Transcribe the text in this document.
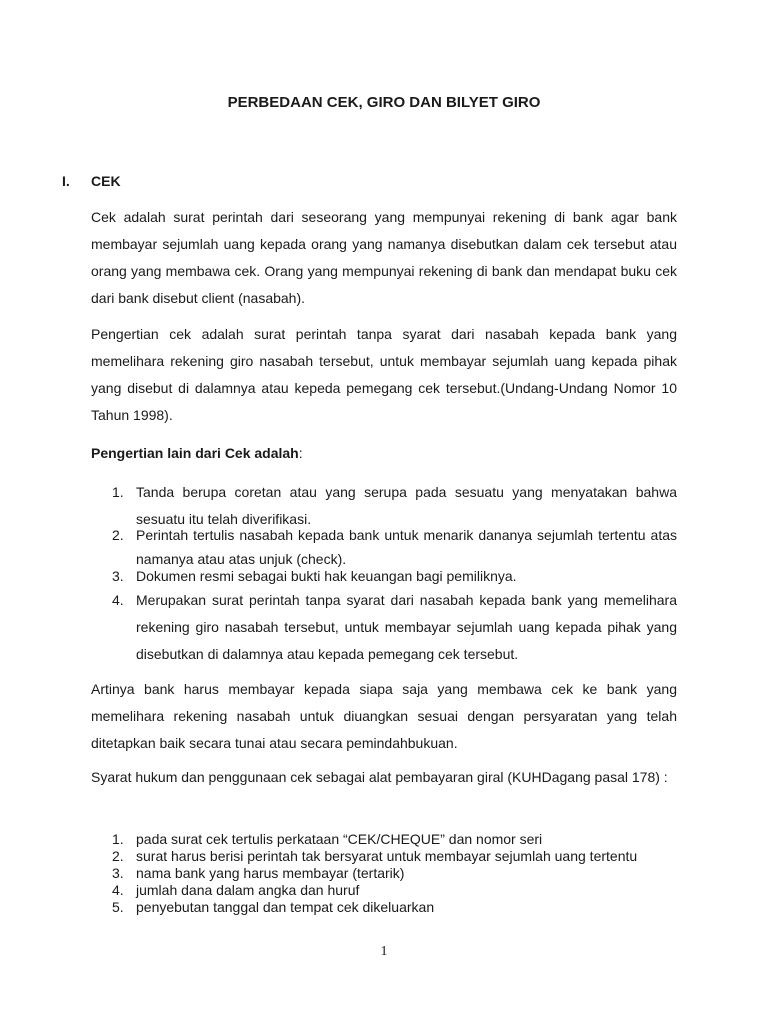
PERBEDAAN CEK, GIRO DAN BILYET GIRO
I. CEK
Cek adalah surat perintah dari seseorang yang mempunyai rekening di bank agar bank membayar sejumlah uang kepada orang yang namanya disebutkan dalam cek tersebut atau orang yang membawa cek. Orang yang mempunyai rekening di bank dan mendapat buku cek dari bank disebut client (nasabah).
Pengertian cek adalah surat perintah tanpa syarat dari nasabah kepada bank yang memelihara rekening giro nasabah tersebut, untuk membayar sejumlah uang kepada pihak yang disebut di dalamnya atau kepeda pemegang cek tersebut.(Undang-Undang Nomor 10 Tahun 1998).
Pengertian lain dari Cek adalah:
1. Tanda berupa coretan atau yang serupa pada sesuatu yang menyatakan bahwa sesuatu itu telah diverifikasi.
2. Perintah tertulis nasabah kepada bank untuk menarik dananya sejumlah tertentu atas namanya atau atas unjuk (check).
3. Dokumen resmi sebagai bukti hak keuangan bagi pemiliknya.
4. Merupakan surat perintah tanpa syarat dari nasabah kepada bank yang memelihara rekening giro nasabah tersebut, untuk membayar sejumlah uang kepada pihak yang disebutkan di dalamnya atau kepada pemegang cek tersebut.
Artinya bank harus membayar kepada siapa saja yang membawa cek ke bank yang memelihara rekening nasabah untuk diuangkan sesuai dengan persyaratan yang telah ditetapkan baik secara tunai atau secara pemindahbukuan.
Syarat hukum dan penggunaan cek sebagai alat pembayaran giral (KUHDagang pasal 178) :
1. pada surat cek tertulis perkataan “CEK/CHEQUE” dan nomor seri
2. surat harus berisi perintah tak bersyarat untuk membayar sejumlah uang tertentu
3. nama bank yang harus membayar (tertarik)
4. jumlah dana dalam angka dan huruf
5. penyebutan tanggal dan tempat cek dikeluarkan
1
